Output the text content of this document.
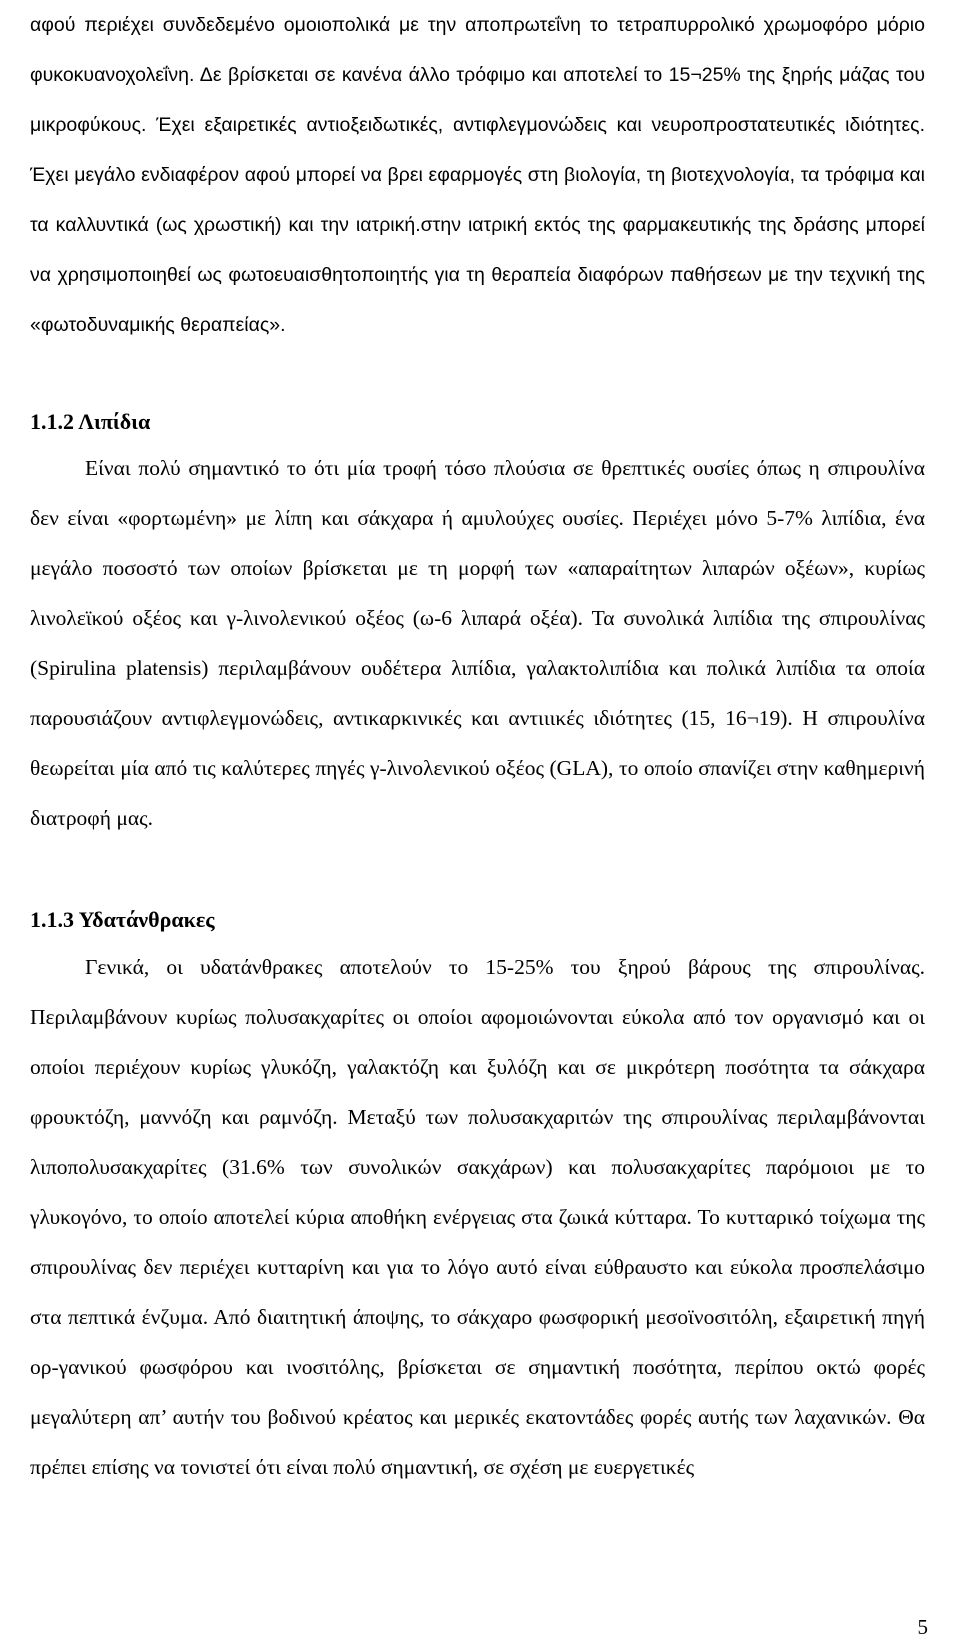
αφού περιέχει συνδεδεμένο ομοιοπολικά με την αποπρωτεΐνη το τετραπυρρολικό χρωμοφόρο μόριο φυκοκυανοχολεΐνη. Δε βρίσκεται σε κανένα άλλο τρόφιμο και αποτελεί το 15¬25% της ξηρής μάζας του μικροφύκους. Έχει εξαιρετικές αντιοξειδωτικές, αντιφλεγμονώδεις και νευροπροστατευτικές ιδιότητες. Έχει μεγάλο ενδιαφέρον αφού μπορεί να βρει εφαρμογές στη βιολογία, τη βιοτεχνολογία, τα τρόφιμα και τα καλλυντικά (ως χρωστική) και την ιατρική.στην ιατρική εκτός της φαρμακευτικής της δράσης μπορεί να χρησιμοποιηθεί ως φωτοευαισθητοποιητής για τη θεραπεία διαφόρων παθήσεων με την τεχνική της «φωτοδυναμικής θεραπείας».

1.1.2 Λιπίδια

Είναι πολύ σημαντικό το ότι μία τροφή τόσο πλούσια σε θρεπτικές ουσίες όπως η σπιρουλίνα δεν είναι «φορτωμένη» με λίπη και σάκχαρα ή αμυλούχες ουσίες. Περιέχει μόνο 5-7% λιπίδια, ένα μεγάλο ποσοστό των οποίων βρίσκεται με τη μορφή των «απαραίτητων λιπαρών οξέων», κυρίως λινολεϊκού οξέος και γ-λινολενικού οξέος (ω-6 λιπαρά οξέα). Τα συνολικά λιπίδια της σπιρουλίνας (Spirulina platensis) περιλαμβάνουν ουδέτερα λιπίδια, γαλακτολιπίδια και πολικά λιπίδια τα οποία παρουσιάζουν αντιφλεγμονώδεις, αντικαρκινικές και αντιιικές ιδιότητες (15, 16¬19). Η σπιρουλίνα θεωρείται μία από τις καλύτερες πηγές γ-λινολενικού οξέος (GLA), το οποίο σπανίζει στην καθημερινή διατροφή μας.

1.1.3 Υδατάνθρακες

Γενικά, οι υδατάνθρακες αποτελούν το 15-25% του ξηρού βάρους της σπιρουλίνας. Περιλαμβάνουν κυρίως πολυσακχαρίτες οι οποίοι αφομοιώνονται εύκολα από τον οργανισμό και οι οποίοι περιέχουν κυρίως γλυκόζη, γαλακτόζη και ξυλόζη και σε μικρότερη ποσότητα τα σάκχαρα φρουκτόζη, μαννόζη και ραμνόζη. Μεταξύ των πολυσακχαριτών της σπιρουλίνας περιλαμβάνονται λιποπολυσακχαρίτες (31.6% των συνολικών σακχάρων) και πολυσακχαρίτες παρόμοιοι με το γλυκογόνο, το οποίο αποτελεί κύρια αποθήκη ενέργειας στα ζωικά κύτταρα. Το κυτταρικό τοίχωμα της σπιρουλίνας δεν περιέχει κυτταρίνη και για το λόγο αυτό είναι εύθραυστο και εύκολα προσπελάσιμο στα πεπτικά ένζυμα. Από διαιτητική άποψης, το σάκχαρο φωσφορική μεσοϊνοσιτόλη, εξαιρετική πηγή ορ-γανικού φωσφόρου και ινοσιτόλης, βρίσκεται σε σημαντική ποσότητα, περίπου οκτώ φορές μεγαλύτερη απ’ αυτήν του βοδινού κρέατος και μερικές εκατοντάδες φορές αυτής των λαχανικών. Θα πρέπει επίσης να τονιστεί ότι είναι πολύ σημαντική, σε σχέση με ευεργετικές

5
